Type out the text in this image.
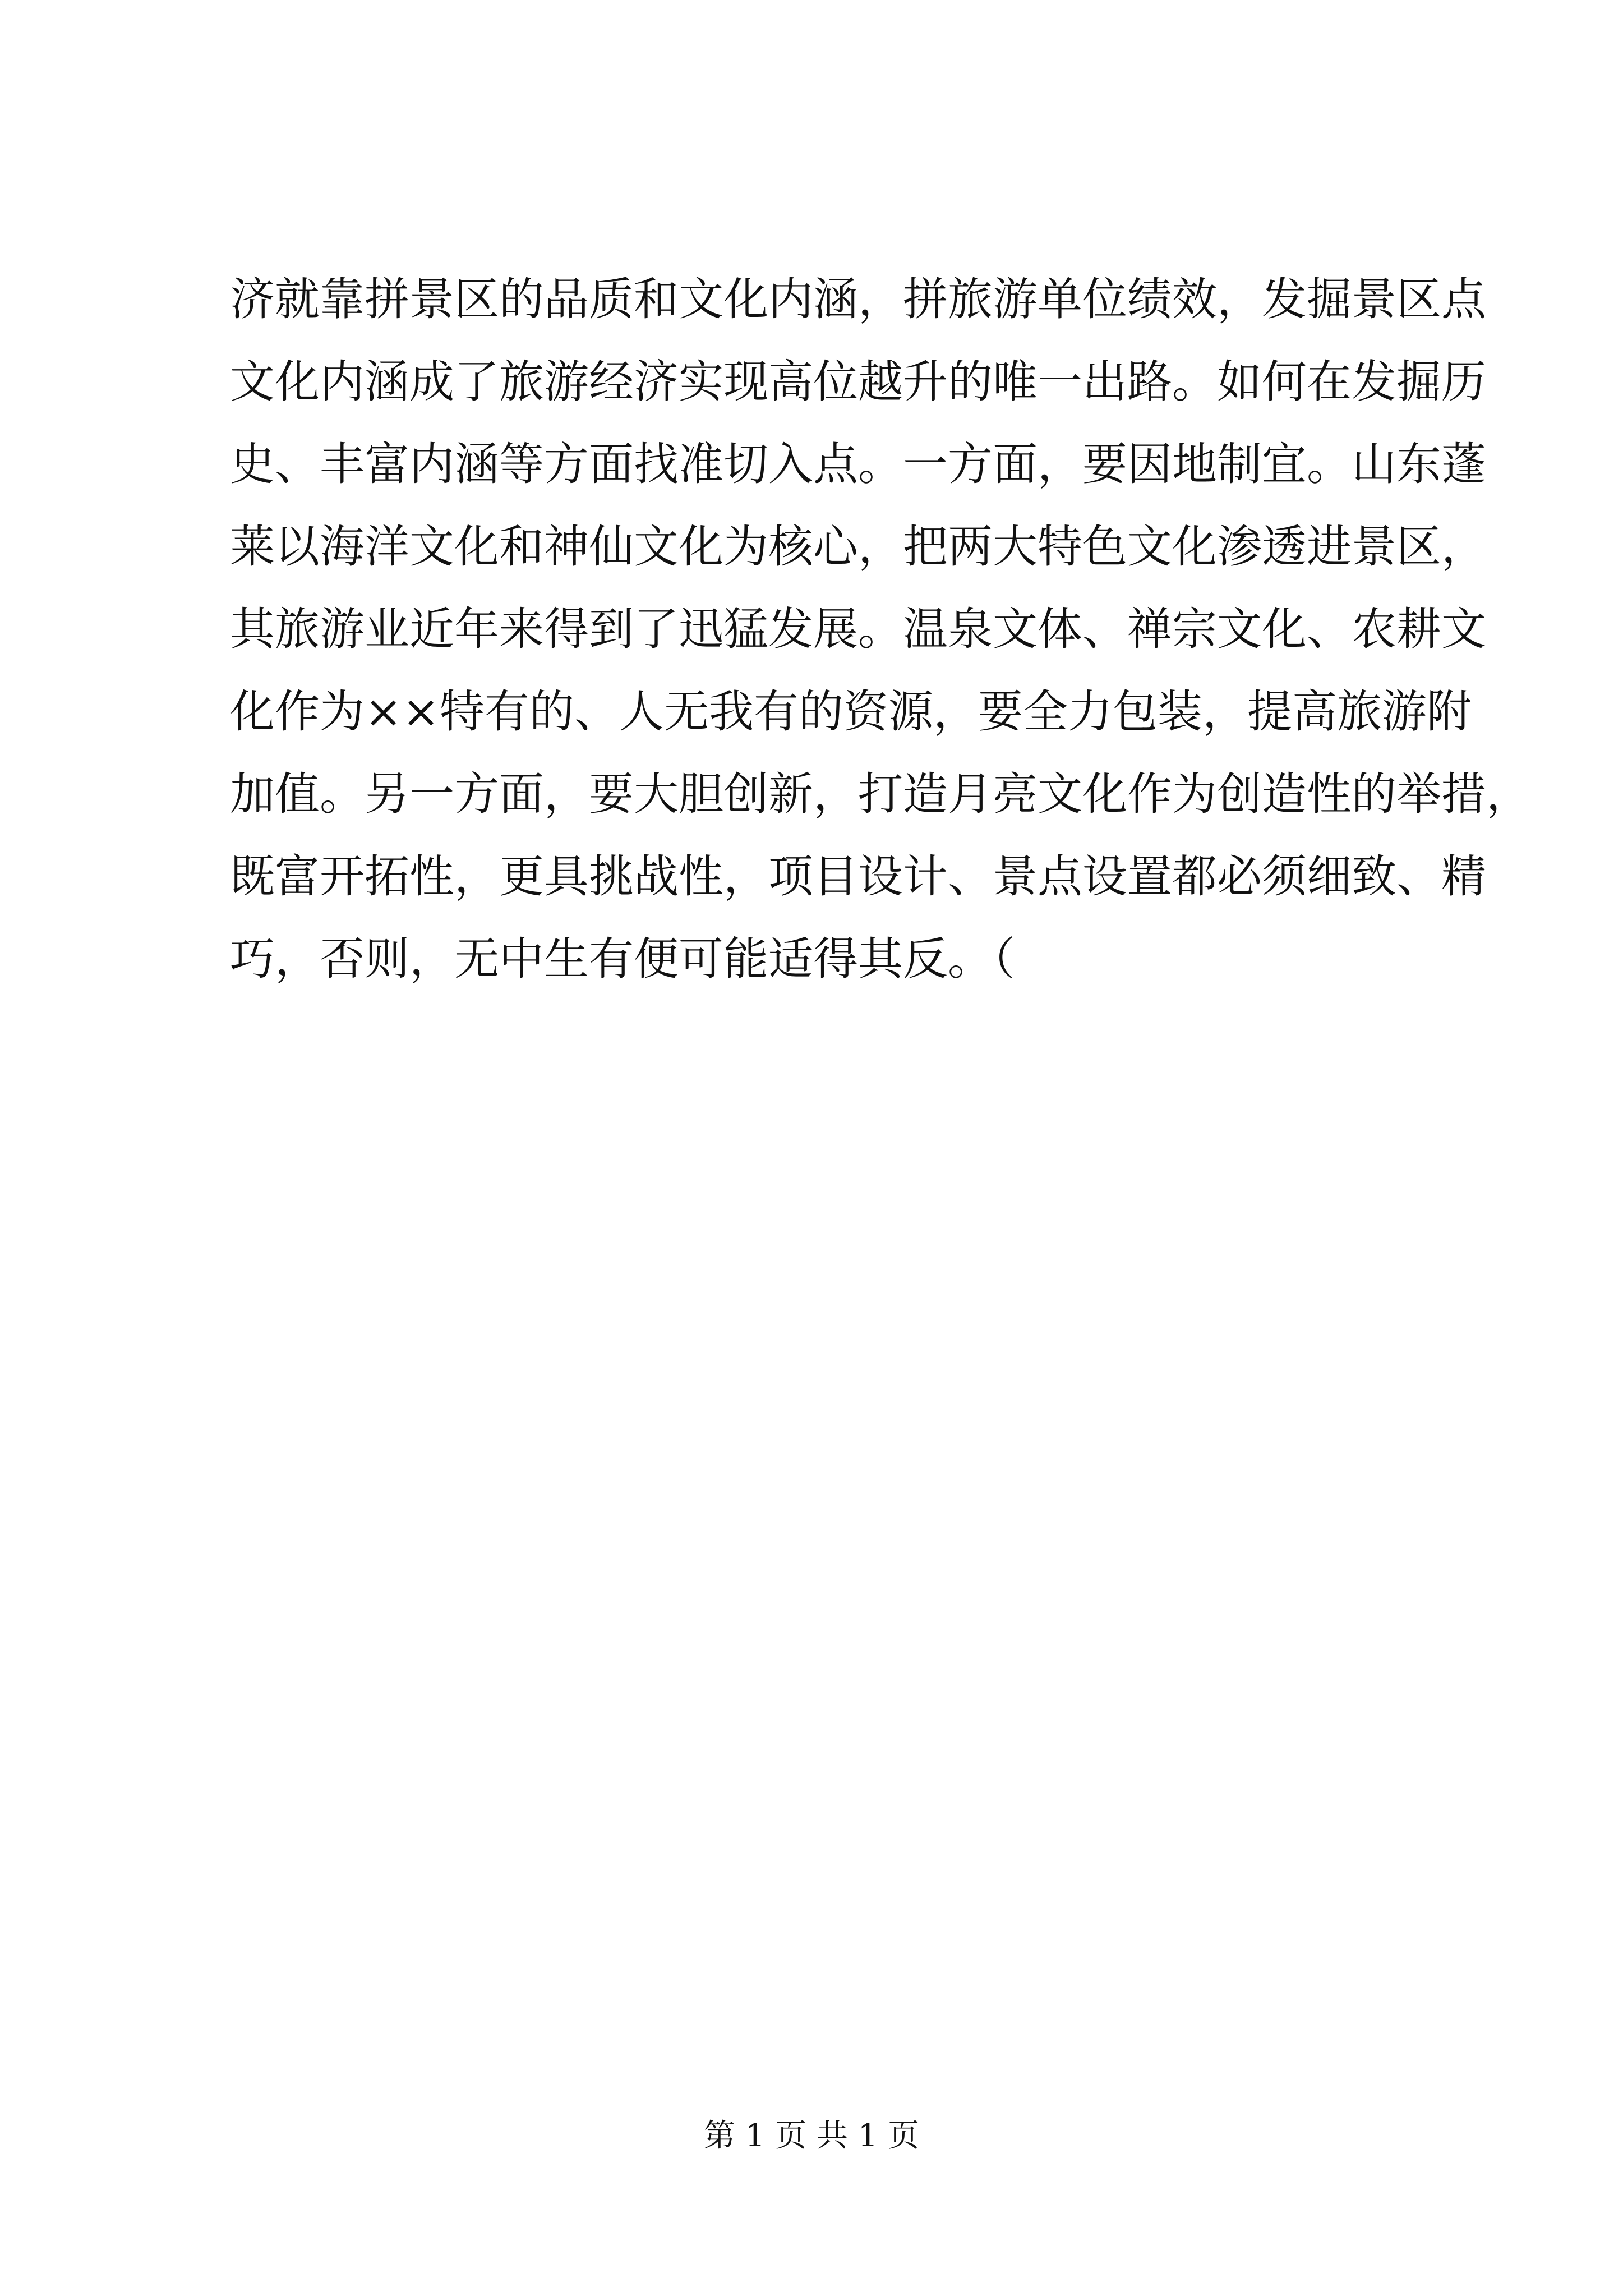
济就靠拼景区的品质和文化内涵，拼旅游单位绩效，发掘景区点
文化内涵成了旅游经济实现高位越升的唯一出路。如何在发掘历
史、丰富内涵等方面找准切入点。一方面，要因地制宜。山东蓬
莱以海洋文化和神仙文化为核心，把两大特色文化渗透进景区，
其旅游业近年来得到了迅猛发展。温泉文体、禅宗文化、农耕文
化作为××特有的、人无我有的资源，要全力包装，提高旅游附
加值。另一方面，要大胆创新，打造月亮文化作为创造性的举措，
既富开拓性，更具挑战性，项目设计、景点设置都必须细致、精
巧，否则，无中生有便可能适得其反。（
第 1 页 共 1 页
